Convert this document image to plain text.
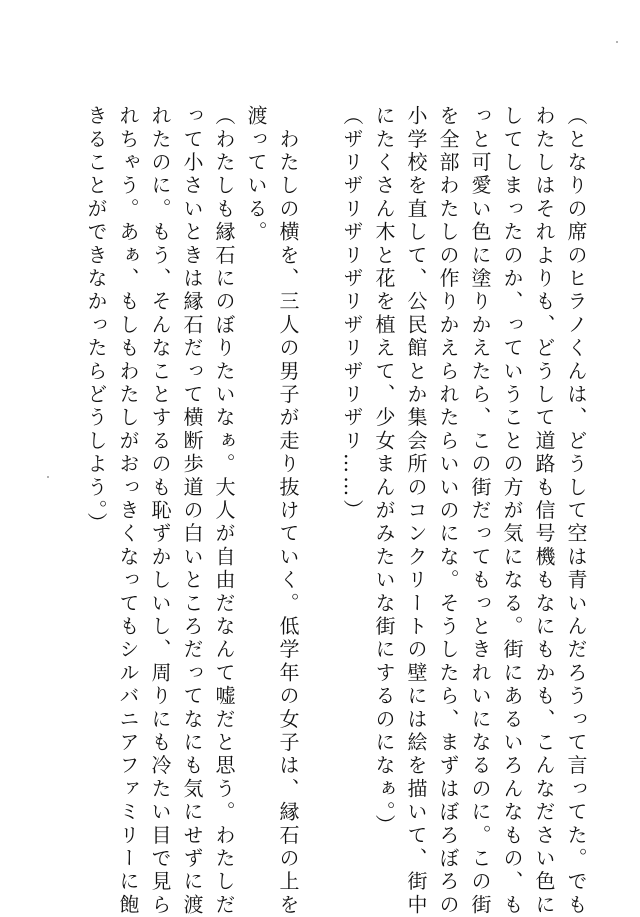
（となりの席のヒラノくんは、どうして空は青いんだろうって言ってた。でも
わたしはそれよりも、どうして道路も信号機もなにもかも、こんなださい色に
してしまったのか、っていうことの方が気になる。街にあるいろんなもの、も
っと可愛い色に塗りかえたら、この街だってもっときれいになるのに。この街
を全部わたしの作りかえられたらいいのにな。そうしたら、まずはぼろぼろの
小学校を直して、公民館とか集会所のコンクリートの壁には絵を描いて、街中
にたくさん木と花を植えて、少女まんがみたいな街にするのになぁ。）
（ザリザリザリザリザリザリザリ……）
　わたしの横を、三人の男子が走り抜けていく。低学年の女子は、縁石の上を
渡っている。
（わたしも縁石にのぼりたいなぁ。大人が自由だなんて嘘だと思う。わたしだ
って小さいときは縁石だって横断歩道の白いところだってなにも気にせずに渡
れたのに。もう、そんなことするのも恥ずかしいし、周りにも冷たい目で見ら
れちゃう。あぁ、もしもわたしがおっきくなってもシルバニアファミリーに飽
きることができなかったらどうしよう。）
